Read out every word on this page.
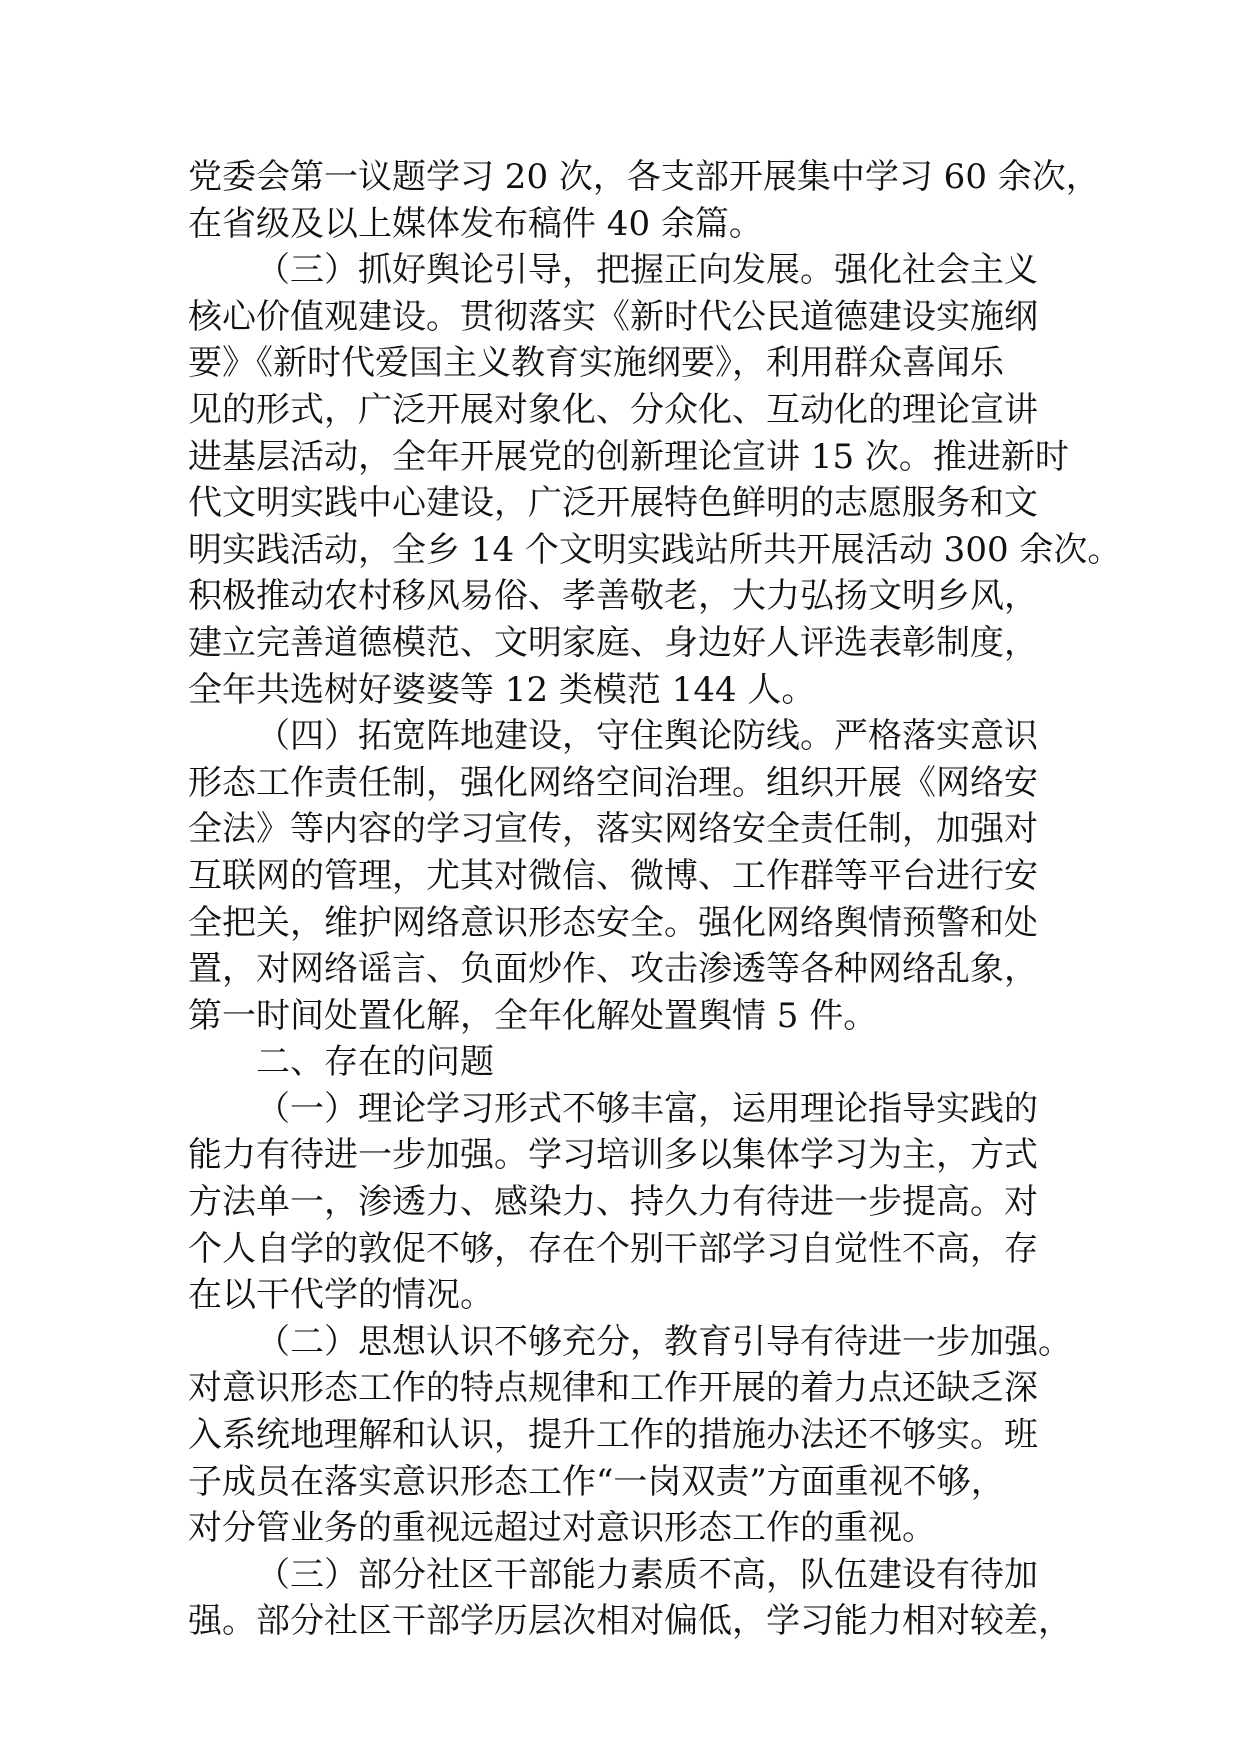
党委会第一议题学习 20 次，各支部开展集中学习 60 余次，
在省级及以上媒体发布稿件 40 余篇。
（三）抓好舆论引导，把握正向发展。强化社会主义
核心价值观建设。贯彻落实《新时代公民道德建设实施纲
要》《新时代爱国主义教育实施纲要》，利用群众喜闻乐
见的形式，广泛开展对象化、分众化、互动化的理论宣讲
进基层活动，全年开展党的创新理论宣讲 15 次。推进新时
代文明实践中心建设，广泛开展特色鲜明的志愿服务和文
明实践活动，全乡 14 个文明实践站所共开展活动 300 余次。
积极推动农村移风易俗、孝善敬老，大力弘扬文明乡风，
建立完善道德模范、文明家庭、身边好人评选表彰制度，
全年共选树好婆婆等 12 类模范 144 人。
（四）拓宽阵地建设，守住舆论防线。严格落实意识
形态工作责任制，强化网络空间治理。组织开展《网络安
全法》等内容的学习宣传，落实网络安全责任制，加强对
互联网的管理，尤其对微信、微博、工作群等平台进行安
全把关，维护网络意识形态安全。强化网络舆情预警和处
置，对网络谣言、负面炒作、攻击渗透等各种网络乱象，
第一时间处置化解，全年化解处置舆情 5 件。
二、存在的问题
（一）理论学习形式不够丰富，运用理论指导实践的
能力有待进一步加强。学习培训多以集体学习为主，方式
方法单一，渗透力、感染力、持久力有待进一步提高。对
个人自学的敦促不够，存在个别干部学习自觉性不高，存
在以干代学的情况。
（二）思想认识不够充分，教育引导有待进一步加强。
对意识形态工作的特点规律和工作开展的着力点还缺乏深
入系统地理解和认识，提升工作的措施办法还不够实。班
子成员在落实意识形态工作“一岗双责”方面重视不够，
对分管业务的重视远超过对意识形态工作的重视。
（三）部分社区干部能力素质不高，队伍建设有待加
强。部分社区干部学历层次相对偏低，学习能力相对较差，
